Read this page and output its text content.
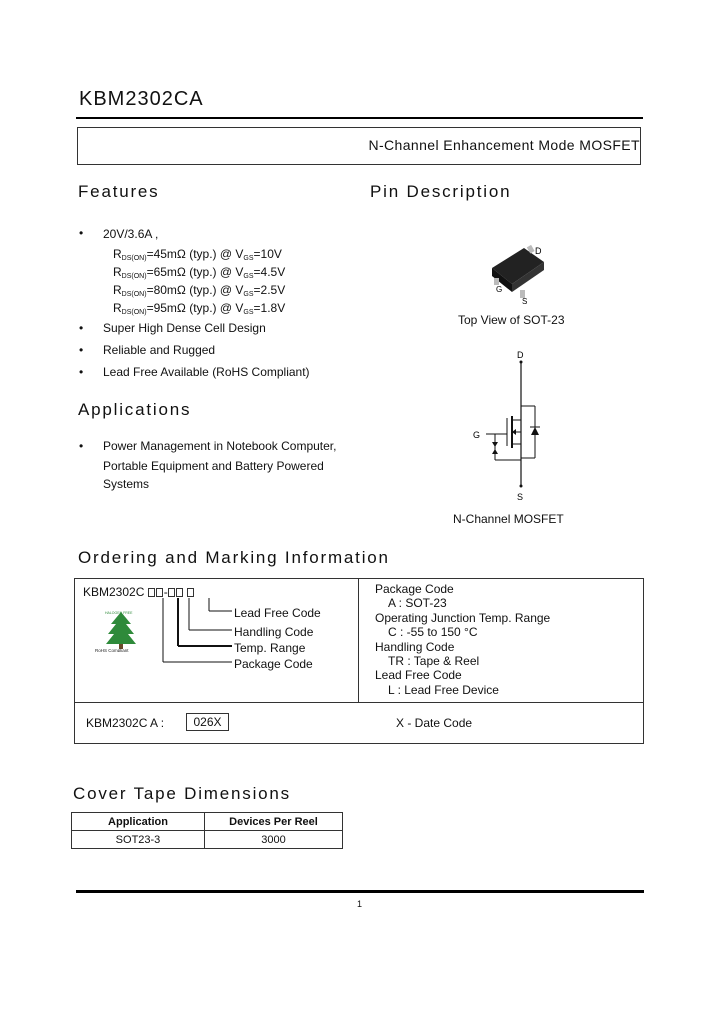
KBM2302CA
N-Channel Enhancement Mode MOSFET
Features
• 20V/3.6A ,
$R_{DS(ON)}=45m\Omega$ (typ.) @ $V_{GS}=10V$
$R_{DS(ON)}=65m\Omega$ (typ.) @ $V_{GS}=4.5V$
$R_{DS(ON)}=80m\Omega$ (typ.) @ $V_{GS}=2.5V$
$R_{DS(ON)}=95m\Omega$ (typ.) @ $V_{GS}=1.8V$
• Super High Dense Cell Design
• Reliable and Rugged
• Lead Free Available (RoHS Compliant)
Pin Description
D
G
S
Top View of SOT-23
D
G
S
N-Channel MOSFET
Applications
• Power Management in Notebook Computer,
Portable Equipment and Battery Powered
Systems
Ordering and Marking Information
KBM2302C -
HALOGEN FREE
RoHS Compliant
Lead Free Code
Handling Code
Temp. Range
Package Code
Package Code
A : SOT-23
Operating Junction Temp. Range
C : -55 to 150 °C
Handling Code
TR : Tape & Reel
Lead Free Code
L : Lead Free Device
KBM2302C A :	026X	X - Date Code
Cover Tape Dimensions
Application	Devices Per Reel
SOT23-3	3000
1
